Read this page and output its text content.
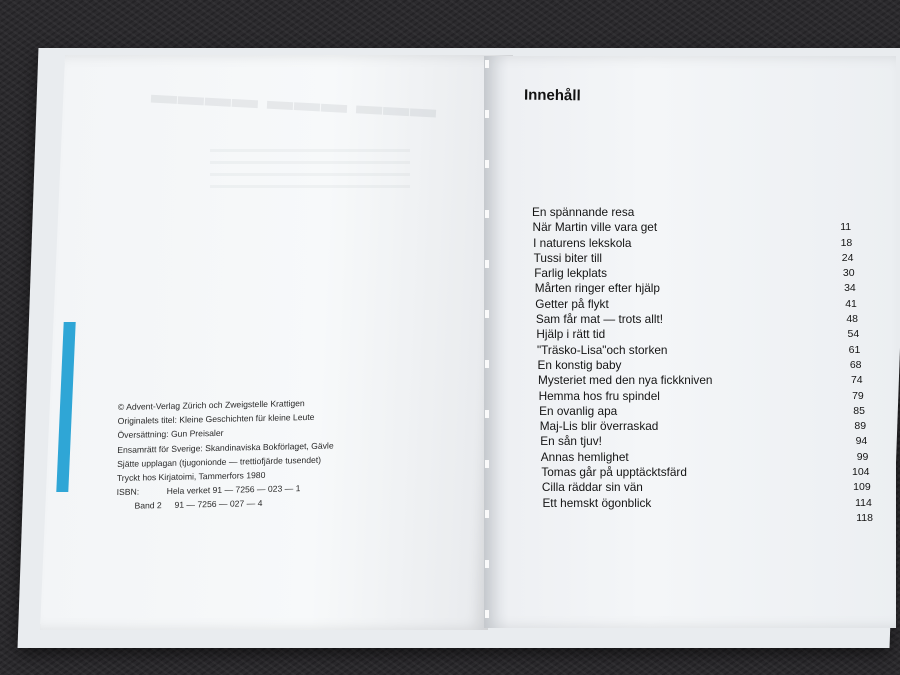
▬▬▬ ▬▬▬ ▬▬▬▬
© Advent-Verlag Zürich och Zweigstelle Krattigen
Originalets titel: Kleine Geschichten für kleine Leute
Översättning: Gun Preisaler
Ensamrätt för Sverige: Skandinaviska Bokförlaget, Gävle
Sjätte upplagan (tjugonionde — trettiofjärde tusendet)
Tryckt hos Kirjatoimi, Tammerfors 1980
ISBN:	Hela verket 91 — 7256 — 023 — 1
Band 2	91 — 7256 — 027 — 4
Innehåll
En spännande resa
När Martin ville vara get	11
I naturens lekskola	18
Tussi biter till	24
Farlig lekplats	30
Mårten ringer efter hjälp	34
Getter på flykt	41
Sam får mat — trots allt!	48
Hjälp i rätt tid	54
"Träsko-Lisa"och storken	61
En konstig baby	68
Mysteriet med den nya fickkniven	74
Hemma hos fru spindel	79
En ovanlig apa	85
Maj-Lis blir överraskad	89
En sån tjuv!	94
Annas hemlighet	99
Tomas går på upptäcktsfärd	104
Cilla räddar sin vän	109
Ett hemskt ögonblick	114
118
